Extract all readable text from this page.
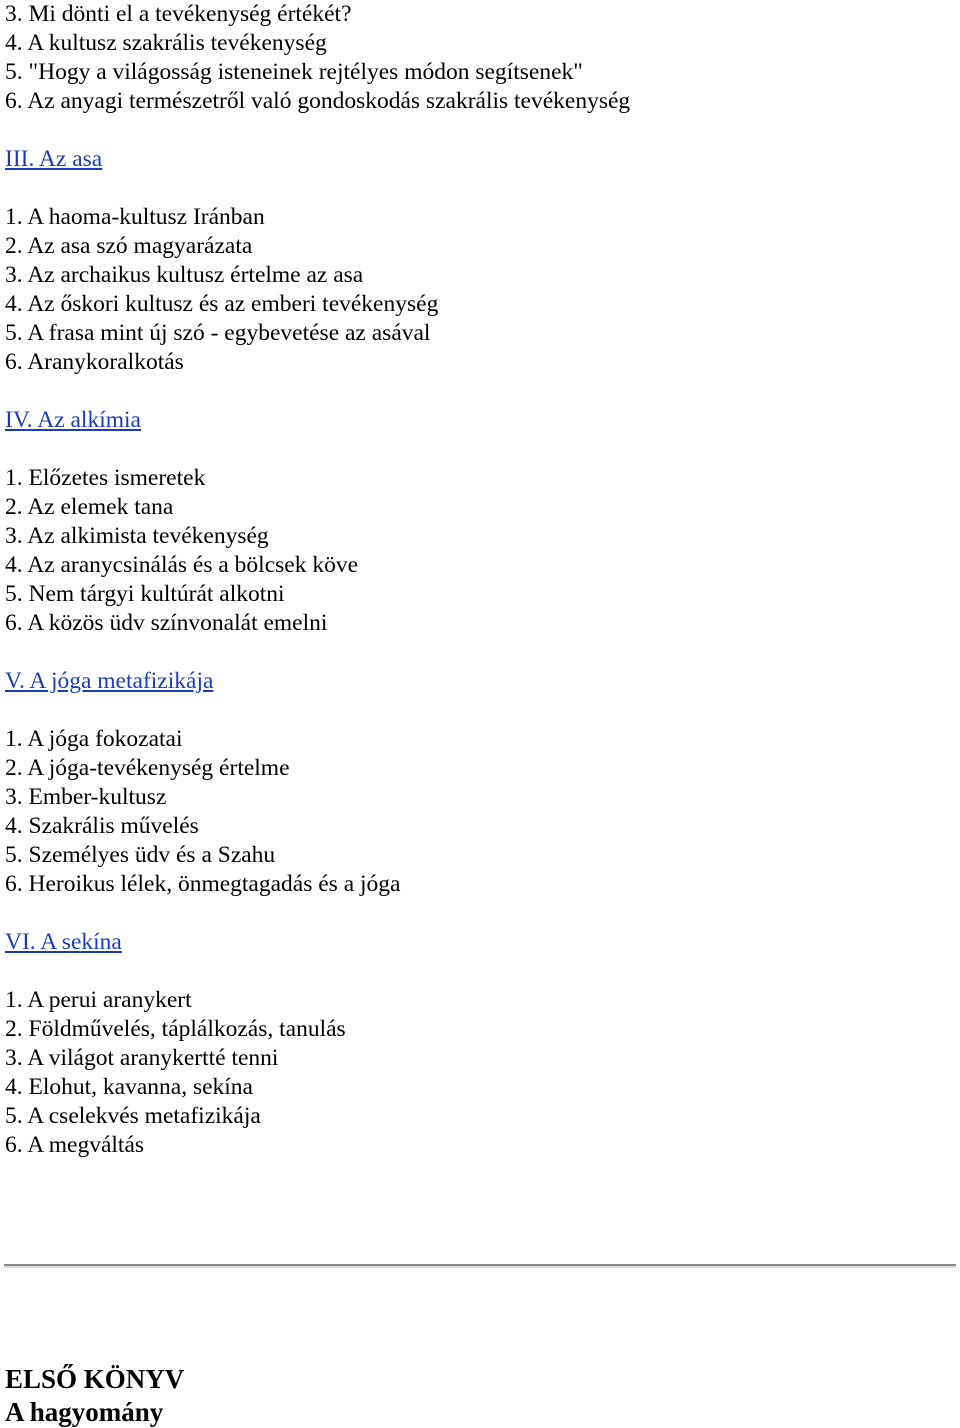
3. Mi dönti el a tevékenység értékét?
4. A kultusz szakrális tevékenység
5. "Hogy a világosság isteneinek rejtélyes módon segítsenek"
6. Az anyagi természetről való gondoskodás szakrális tevékenység
III. Az asa
1. A haoma-kultusz Iránban
2. Az asa szó magyarázata
3. Az archaikus kultusz értelme az asa
4. Az őskori kultusz és az emberi tevékenység
5. A frasa mint új szó - egybevetése az asával
6. Aranykoralkotás
IV. Az alkímia
1. Előzetes ismeretek
2. Az elemek tana
3. Az alkimista tevékenység
4. Az aranycsinálás és a bölcsek köve
5. Nem tárgyi kultúrát alkotni
6. A közös üdv színvonalát emelni
V. A jóga metafizikája
1. A jóga fokozatai
2. A jóga-tevékenység értelme
3. Ember-kultusz
4. Szakrális művelés
5. Személyes üdv és a Szahu
6. Heroikus lélek, önmegtagadás és a jóga
VI. A sekína
1. A perui aranykert
2. Földművelés, táplálkozás, tanulás
3. A világot aranykertté tenni
4. Elohut, kavanna, sekína
5. A cselekvés metafizikája
6. A megváltás
ELSŐ KÖNYV
A hagyomány
